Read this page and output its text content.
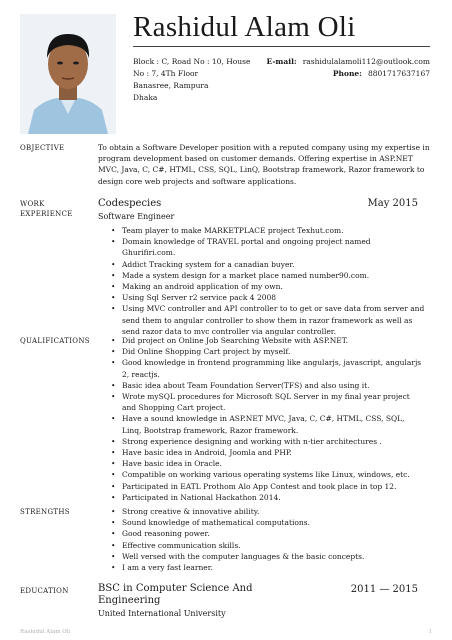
Rashidul Alam Oli
Block : C, Road No : 10, House
No : 7, 4Th Floor
Banasree, Rampura
Dhaka
E-mail: rashidulalamoli112@outlook.com
Phone: 8801717637167
OBJECTIVE	To obtain a Software Developer position with a reputed company using my expertise in program development based on customer demands. Offering expertise in ASP.NET MVC, Java, C, C#, HTML, CSS, SQL, LinQ, Bootstrap framework, Razor framework to design core web projects and software applications.
WORK
EXPERIENCE
Codespecies	May 2015
Software Engineer
• Team player to make MARKETPLACE project Texhut.com.
• Domain knowledge of TRAVEL portal and ongoing project named Ghurifiri.com.
• Addict Tracking system for a canadian buyer.
• Made a system design for a market place named number90.com.
• Making an android application of my own.
• Using Sql Server r2 service pack 4 2008
• Using MVC controller and API controller to to get or save data from server and send them to angular controller to show them in razor framework as well as send razor data to mvc controller via angular controller.
QUALIFICATIONS	• Did project on Online Job Searching Website with ASP.NET.
• Did Online Shopping Cart project by myself.
• Good knowledge in frontend programming like angularjs, javascript, angularjs 2, reactjs.
• Basic idea about Team Foundation Server(TFS) and also using it.
• Wrote mySQL procedures for Microsoft SQL Server in my final year project and Shopping Cart project.
• Have a sound knowledge in ASP.NET MVC, Java, C, C#, HTML, CSS, SQL, Linq, Bootstrap framework, Razor framework.
• Strong experience designing and working with n-tier architectures .
• Have basic idea in Android, Joomla and PHP.
• Have basic idea in Oracle.
• Compatible on working various operating systems like Linux, windows, etc.
• Participated in EATL Prothom Alo App Contest and took place in top 12.
• Participated in National Hackathon 2014.
STRENGTHS	• Strong creative & innovative ability.
• Sound knowledge of mathematical computations.
• Good reasoning power.
• Effective communication skills.
• Well versed with the computer languages & the basic concepts.
• I am a very fast learner.
EDUCATION	BSC in Computer Science And Engineering
2011 — 2015
United International University
Rashidul Alam Oli	1
